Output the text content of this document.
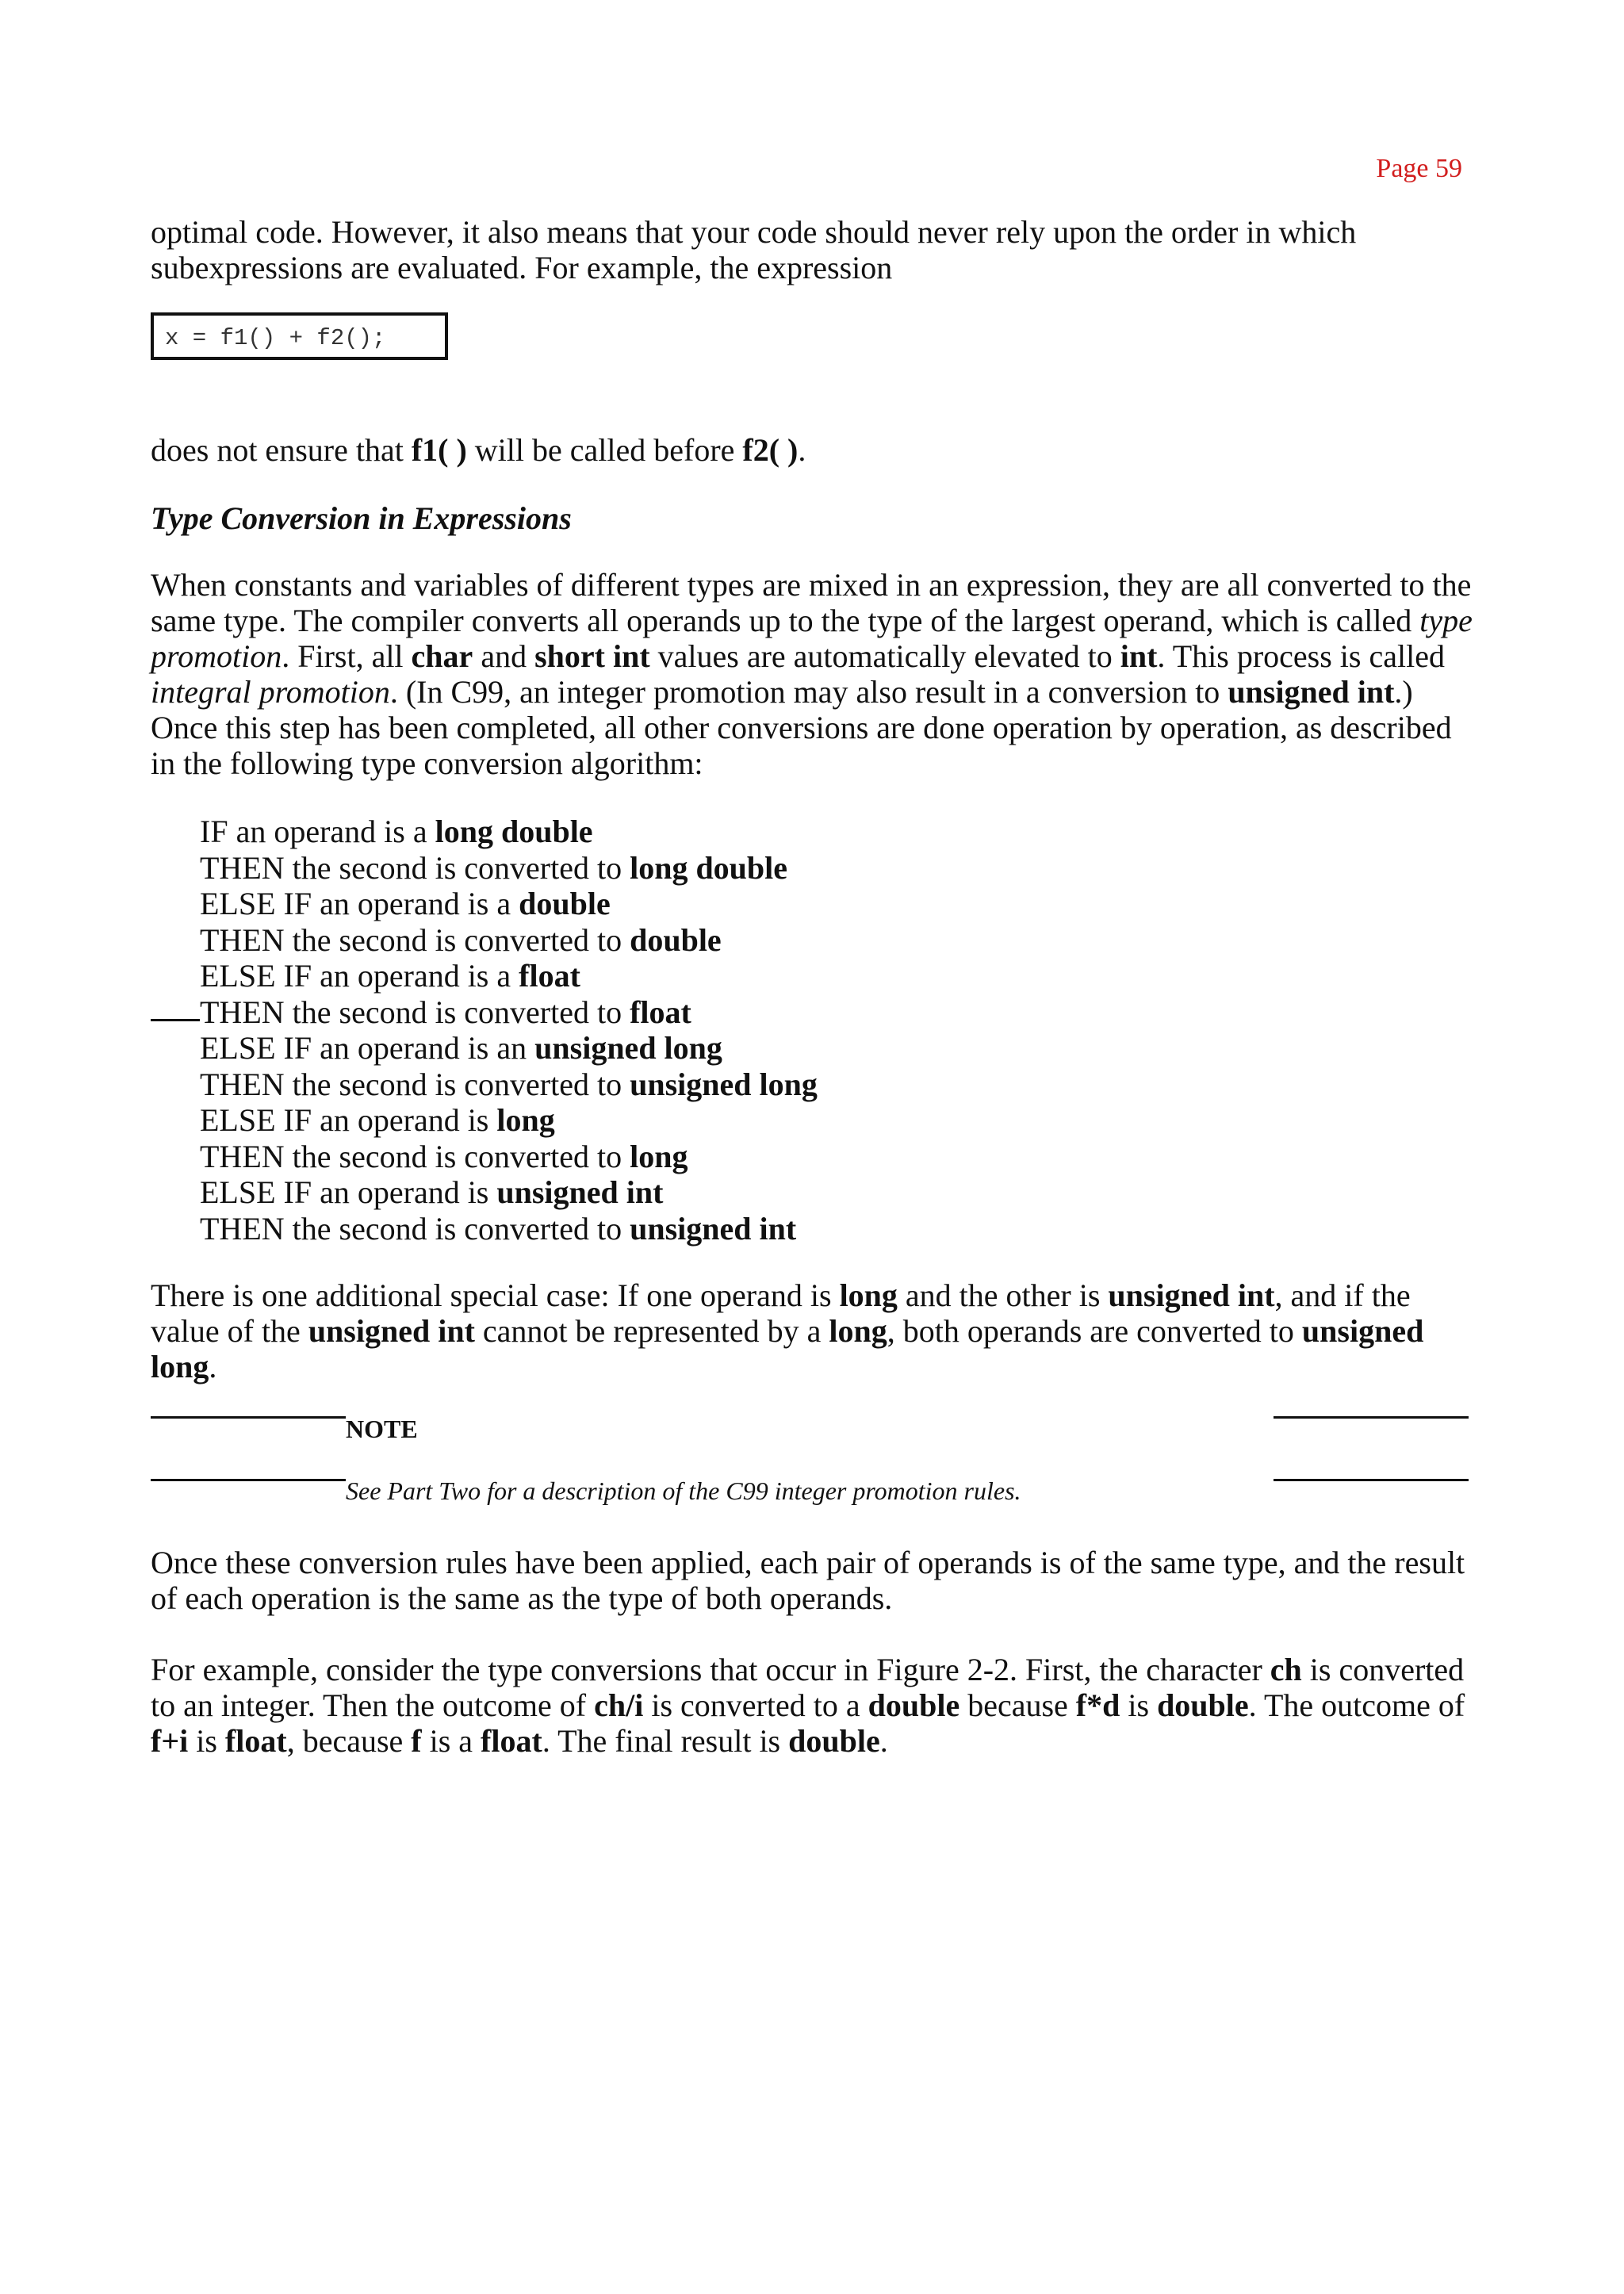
Page 59

optimal code. However, it also means that your code should never rely upon the order in which subexpressions are evaluated. For example, the expression

x = f1() + f2();

does not ensure that f1( ) will be called before f2( ).

Type Conversion in Expressions

When constants and variables of different types are mixed in an expression, they are all converted to the same type. The compiler converts all operands up to the type of the largest operand, which is called type promotion. First, all char and short int values are automatically elevated to int. This process is called integral promotion. (In C99, an integer promotion may also result in a conversion to unsigned int.) Once this step has been completed, all other conversions are done operation by operation, as described in the following type conversion algorithm:

IF an operand is a long double
THEN the second is converted to long double
ELSE IF an operand is a double
THEN the second is converted to double
ELSE IF an operand is a float
THEN the second is converted to float
ELSE IF an operand is an unsigned long
THEN the second is converted to unsigned long
ELSE IF an operand is long
THEN the second is converted to long
ELSE IF an operand is unsigned int
THEN the second is converted to unsigned int

There is one additional special case: If one operand is long and the other is unsigned int, and if the value of the unsigned int cannot be represented by a long, both operands are converted to unsigned long.

NOTE
See Part Two for a description of the C99 integer promotion rules.

Once these conversion rules have been applied, each pair of operands is of the same type, and the result of each operation is the same as the type of both operands.

For example, consider the type conversions that occur in Figure 2-2. First, the character ch is converted to an integer. Then the outcome of ch/i is converted to a double because f*d is double. The outcome of f+i is float, because f is a float. The final result is double.
